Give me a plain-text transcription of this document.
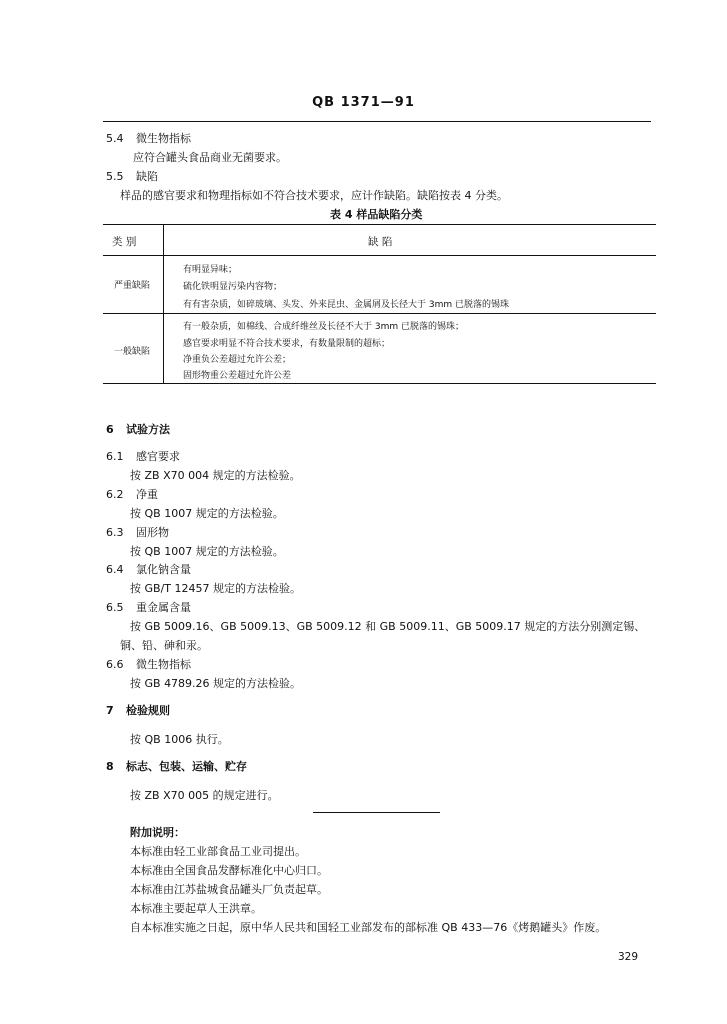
QB 1371—91
5.4 微生物指标
应符合罐头食品商业无菌要求。
5.5 缺陷
样品的感官要求和物理指标如不符合技术要求，应计作缺陷。缺陷按表 4 分类。
表 4 样品缺陷分类
类 别	缺 陷
严重缺陷
有明显异味；
硫化铁明显污染内容物；
有有害杂质，如碎玻璃、头发、外来昆虫、金属屑及长径大于 3mm 已脱落的锡珠
一般缺陷
有一般杂质，如棉线、合成纤维丝及长径不大于 3mm 已脱落的锡珠；
感官要求明显不符合技术要求，有数量限制的超标；
净重负公差超过允许公差；
固形物重公差超过允许公差
6 试验方法
6.1 感官要求
按 ZB X70 004 规定的方法检验。
6.2 净重
按 QB 1007 规定的方法检验。
6.3 固形物
按 QB 1007 规定的方法检验。
6.4 氯化钠含量
按 GB/T 12457 规定的方法检验。
6.5 重金属含量
按 GB 5009.16、GB 5009.13、GB 5009.12 和 GB 5009.11、GB 5009.17 规定的方法分别测定锡、
铜、铅、砷和汞。
6.6 微生物指标
按 GB 4789.26 规定的方法检验。
7 检验规则
按 QB 1006 执行。
8 标志、包装、运输、贮存
按 ZB X70 005 的规定进行。
附加说明：
本标准由轻工业部食品工业司提出。
本标准由全国食品发酵标准化中心归口。
本标准由江苏盐城食品罐头厂负责起草。
本标准主要起草人王洪章。
自本标准实施之日起，原中华人民共和国轻工业部发布的部标准 QB 433—76《烤鹅罐头》作废。
329
